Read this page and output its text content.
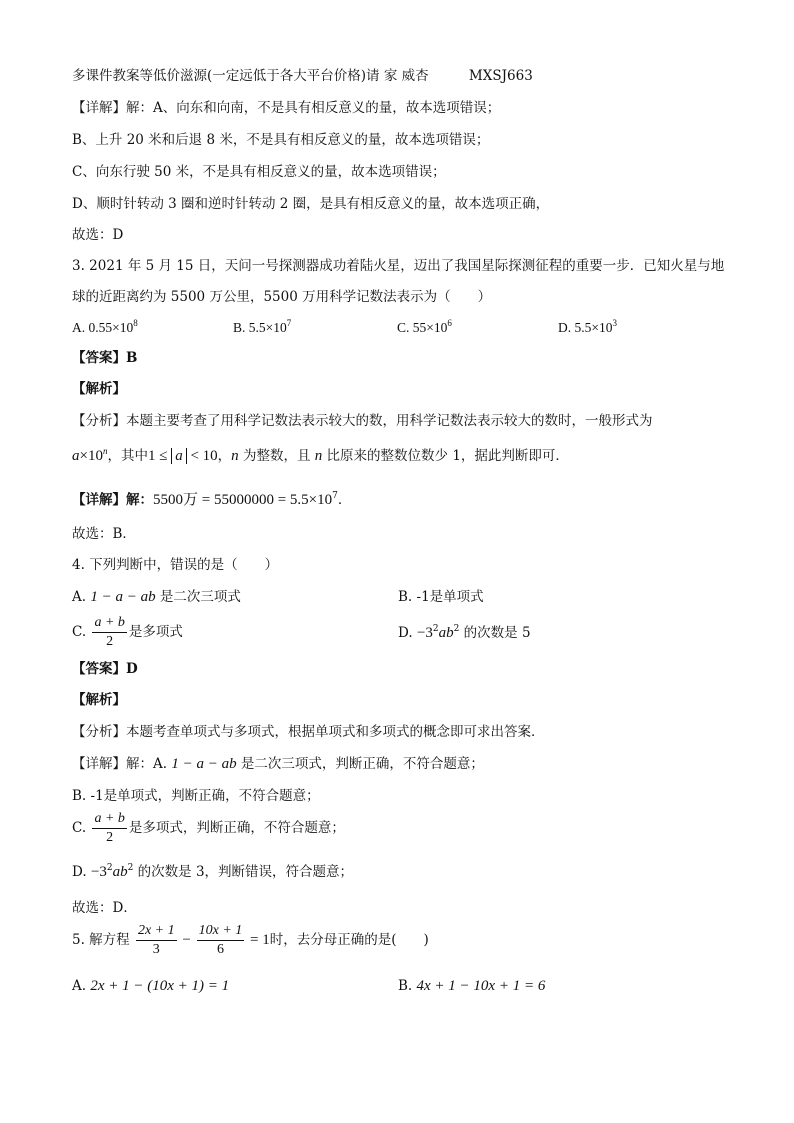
多课件教案等低价滋源(一定远低于各大平台价格)请 家 威杏	MXSJ663
【详解】解：A、向东和向南，不是具有相反意义的量，故本选项错误；
B、上升 20 米和后退 8 米，不是具有相反意义的量，故本选项错误；
C、向东行驶 50 米，不是具有相反意义的量，故本选项错误；
D、顺时针转动 3 圈和逆时针转动 2 圈，是具有相反意义的量，故本选项正确，
故选：D
3. 2021 年 5 月 15 日，天问一号探测器成功着陆火星，迈出了我国星际探测征程的重要一步．已知火星与地
球的近距离约为 5500 万公里，5500 万用科学记数法表示为（　　）
A. $0.55\times 10^8$	B. $5.5\times 10^7$	C. $55\times 10^6$	D. $5.5\times 10^3$
【答案】B
【解析】
【分析】本题主要考查了用科学记数法表示较大的数，用科学记数法表示较大的数时，一般形式为
$a\times 10^n$，其中1 ≤ a < 10，n 为整数，且 n 比原来的整数位数少 1，据此判断即可．
【详解】解：5500万 = $55000000 = 5.5\times 10^7$．
故选：B．
4. 下列判断中，错误的是（　　）
A. 1 − a − ab 是二次三项式	B. -1是单项式
C. $\frac{a + b}{2}$ 是多项式	D. $-3^2ab^2$ 的次数是 5
【答案】D
【解析】
【分析】本题考查单项式与多项式，根据单项式和多项式的概念即可求出答案．
【详解】解：A. 1 − a − ab 是二次三项式，判断正确，不符合题意；
B. -1是单项式，判断正确，不符合题意；
C. $\frac{a + b}{2}$ 是多项式，判断正确，不符合题意；
D. $-3^2ab^2$ 的次数是 3，判断错误，符合题意；
故选：D．
5. 解方程 $\frac{2x + 1}{3} - \frac{10x + 1}{6} = 1$时，去分母正确的是(　　)
A. 2x + 1 − (10x + 1) = 1	B. 4x + 1 − 10x + 1 = 6
